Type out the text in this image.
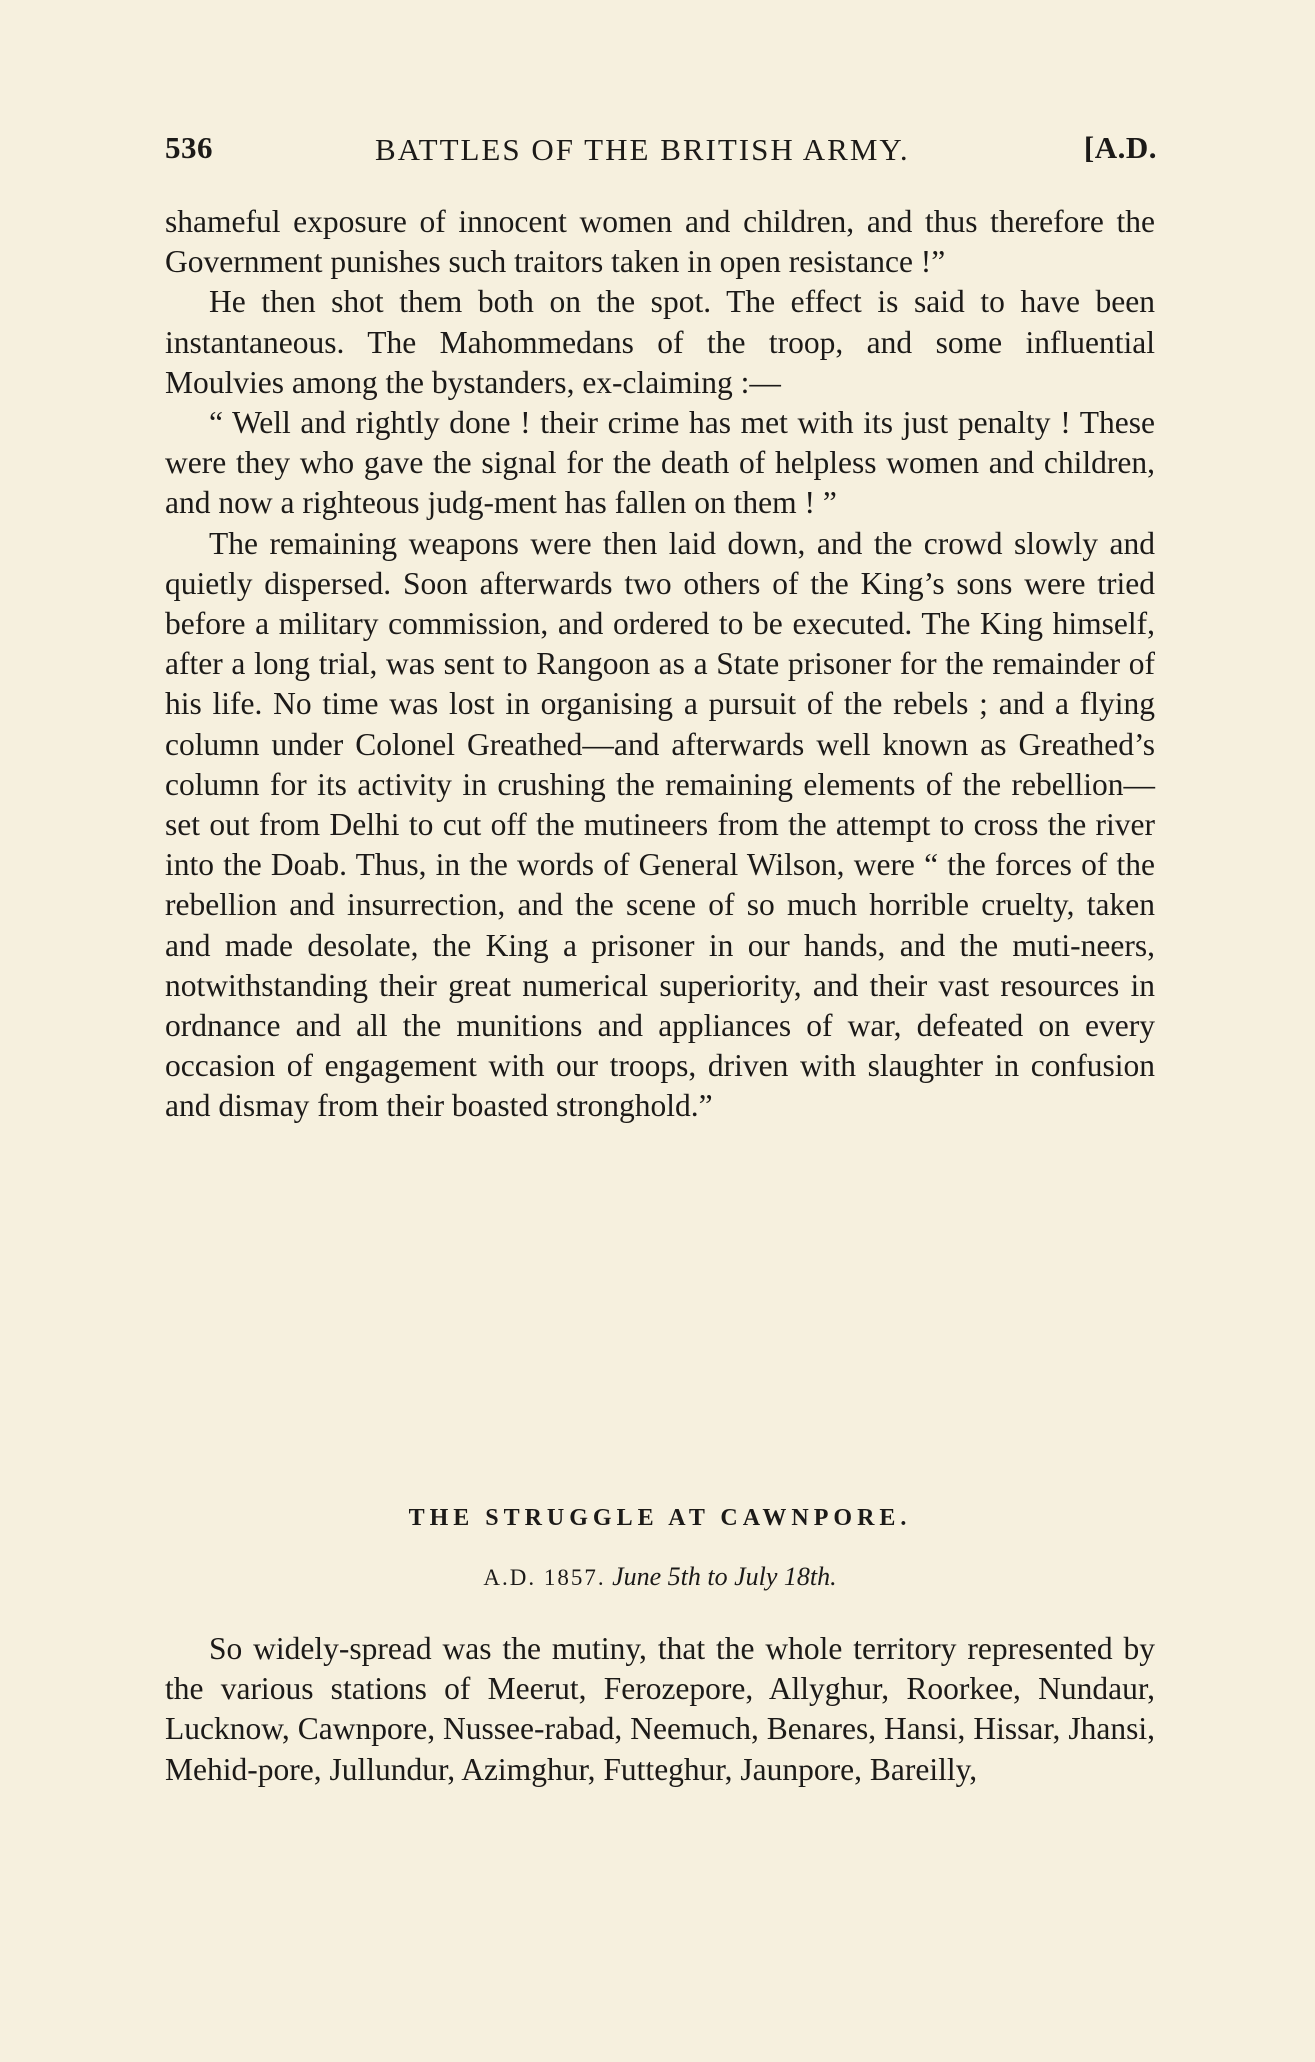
536	BATTLES OF THE BRITISH ARMY.	[A.D.

shameful exposure of innocent women and children, and thus therefore the Government punishes such traitors taken in open resistance !”

He then shot them both on the spot. The effect is said to have been instantaneous. The Mahommedans of the troop, and some influential Moulvies among the bystanders, ex-claiming :—

“ Well and rightly done ! their crime has met with its just penalty ! These were they who gave the signal for the death of helpless women and children, and now a righteous judg-ment has fallen on them ! ”

The remaining weapons were then laid down, and the crowd slowly and quietly dispersed. Soon afterwards two others of the King’s sons were tried before a military commission, and ordered to be executed. The King himself, after a long trial, was sent to Rangoon as a State prisoner for the remainder of his life. No time was lost in organising a pursuit of the rebels ; and a flying column under Colonel Greathed—and afterwards well known as Greathed’s column for its activity in crushing the remaining elements of the rebellion—set out from Delhi to cut off the mutineers from the attempt to cross the river into the Doab. Thus, in the words of General Wilson, were “ the forces of the rebellion and insurrection, and the scene of so much horrible cruelty, taken and made desolate, the King a prisoner in our hands, and the muti-neers, notwithstanding their great numerical superiority, and their vast resources in ordnance and all the munitions and appliances of war, defeated on every occasion of engagement with our troops, driven with slaughter in confusion and dismay from their boasted stronghold.”

THE STRUGGLE AT CAWNPORE.
A.D. 1857. June 5th to July 18th.

So widely-spread was the mutiny, that the whole territory represented by the various stations of Meerut, Ferozepore, Allyghur, Roorkee, Nundaur, Lucknow, Cawnpore, Nussee-rabad, Neemuch, Benares, Hansi, Hissar, Jhansi, Mehid-pore, Jullundur, Azimghur, Futteghur, Jaunpore, Bareilly,
